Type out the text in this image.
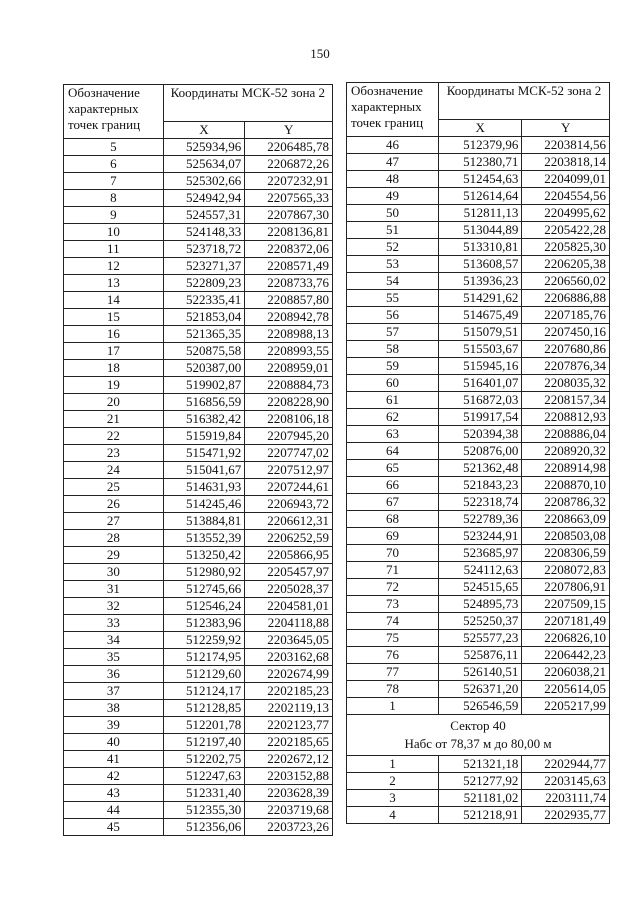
150
Обозначение характерных точек границ	Координаты МСК-52 зона 2	
	X	Y
5	525934,96	2206485,78
6	525634,07	2206872,26
7	525302,66	2207232,91
8	524942,94	2207565,33
9	524557,31	2207867,30
10	524148,33	2208136,81
11	523718,72	2208372,06
12	523271,37	2208571,49
13	522809,23	2208733,76
14	522335,41	2208857,80
15	521853,04	2208942,78
16	521365,35	2208988,13
17	520875,58	2208993,55
18	520387,00	2208959,01
19	519902,87	2208884,73
20	516856,59	2208228,90
21	516382,42	2208106,18
22	515919,84	2207945,20
23	515471,92	2207747,02
24	515041,67	2207512,97
25	514631,93	2207244,61
26	514245,46	2206943,72
27	513884,81	2206612,31
28	513552,39	2206252,59
29	513250,42	2205866,95
30	512980,92	2205457,97
31	512745,66	2205028,37
32	512546,24	2204581,01
33	512383,96	2204118,88
34	512259,92	2203645,05
35	512174,95	2203162,68
36	512129,60	2202674,99
37	512124,17	2202185,23
38	512128,85	2202119,13
39	512201,78	2202123,77
40	512197,40	2202185,65
41	512202,75	2202672,12
42	512247,63	2203152,88
43	512331,40	2203628,39
44	512355,30	2203719,68
45	512356,06	2203723,26
Обозначение характерных точек границ	Координаты МСК-52 зона 2	
	X	Y
46	512379,96	2203814,56
47	512380,71	2203818,14
48	512454,63	2204099,01
49	512614,64	2204554,56
50	512811,13	2204995,62
51	513044,89	2205422,28
52	513310,81	2205825,30
53	513608,57	2206205,38
54	513936,23	2206560,02
55	514291,62	2206886,88
56	514675,49	2207185,76
57	515079,51	2207450,16
58	515503,67	2207680,86
59	515945,16	2207876,34
60	516401,07	2208035,32
61	516872,03	2208157,34
62	519917,54	2208812,93
63	520394,38	2208886,04
64	520876,00	2208920,32
65	521362,48	2208914,98
66	521843,23	2208870,10
67	522318,74	2208786,32
68	522789,36	2208663,09
69	523244,91	2208503,08
70	523685,97	2208306,59
71	524112,63	2208072,83
72	524515,65	2207806,91
73	524895,73	2207509,15
74	525250,37	2207181,49
75	525577,23	2206826,10
76	525876,11	2206442,23
77	526140,51	2206038,21
78	526371,20	2205614,05
1	526546,59	2205217,99

Сектор 40
Набс от 78,37 м до 80,00 м		

1	521321,18	2202944,77
2	521277,92	2203145,63
3	521181,02	2203111,74
4	521218,91	2202935,77
